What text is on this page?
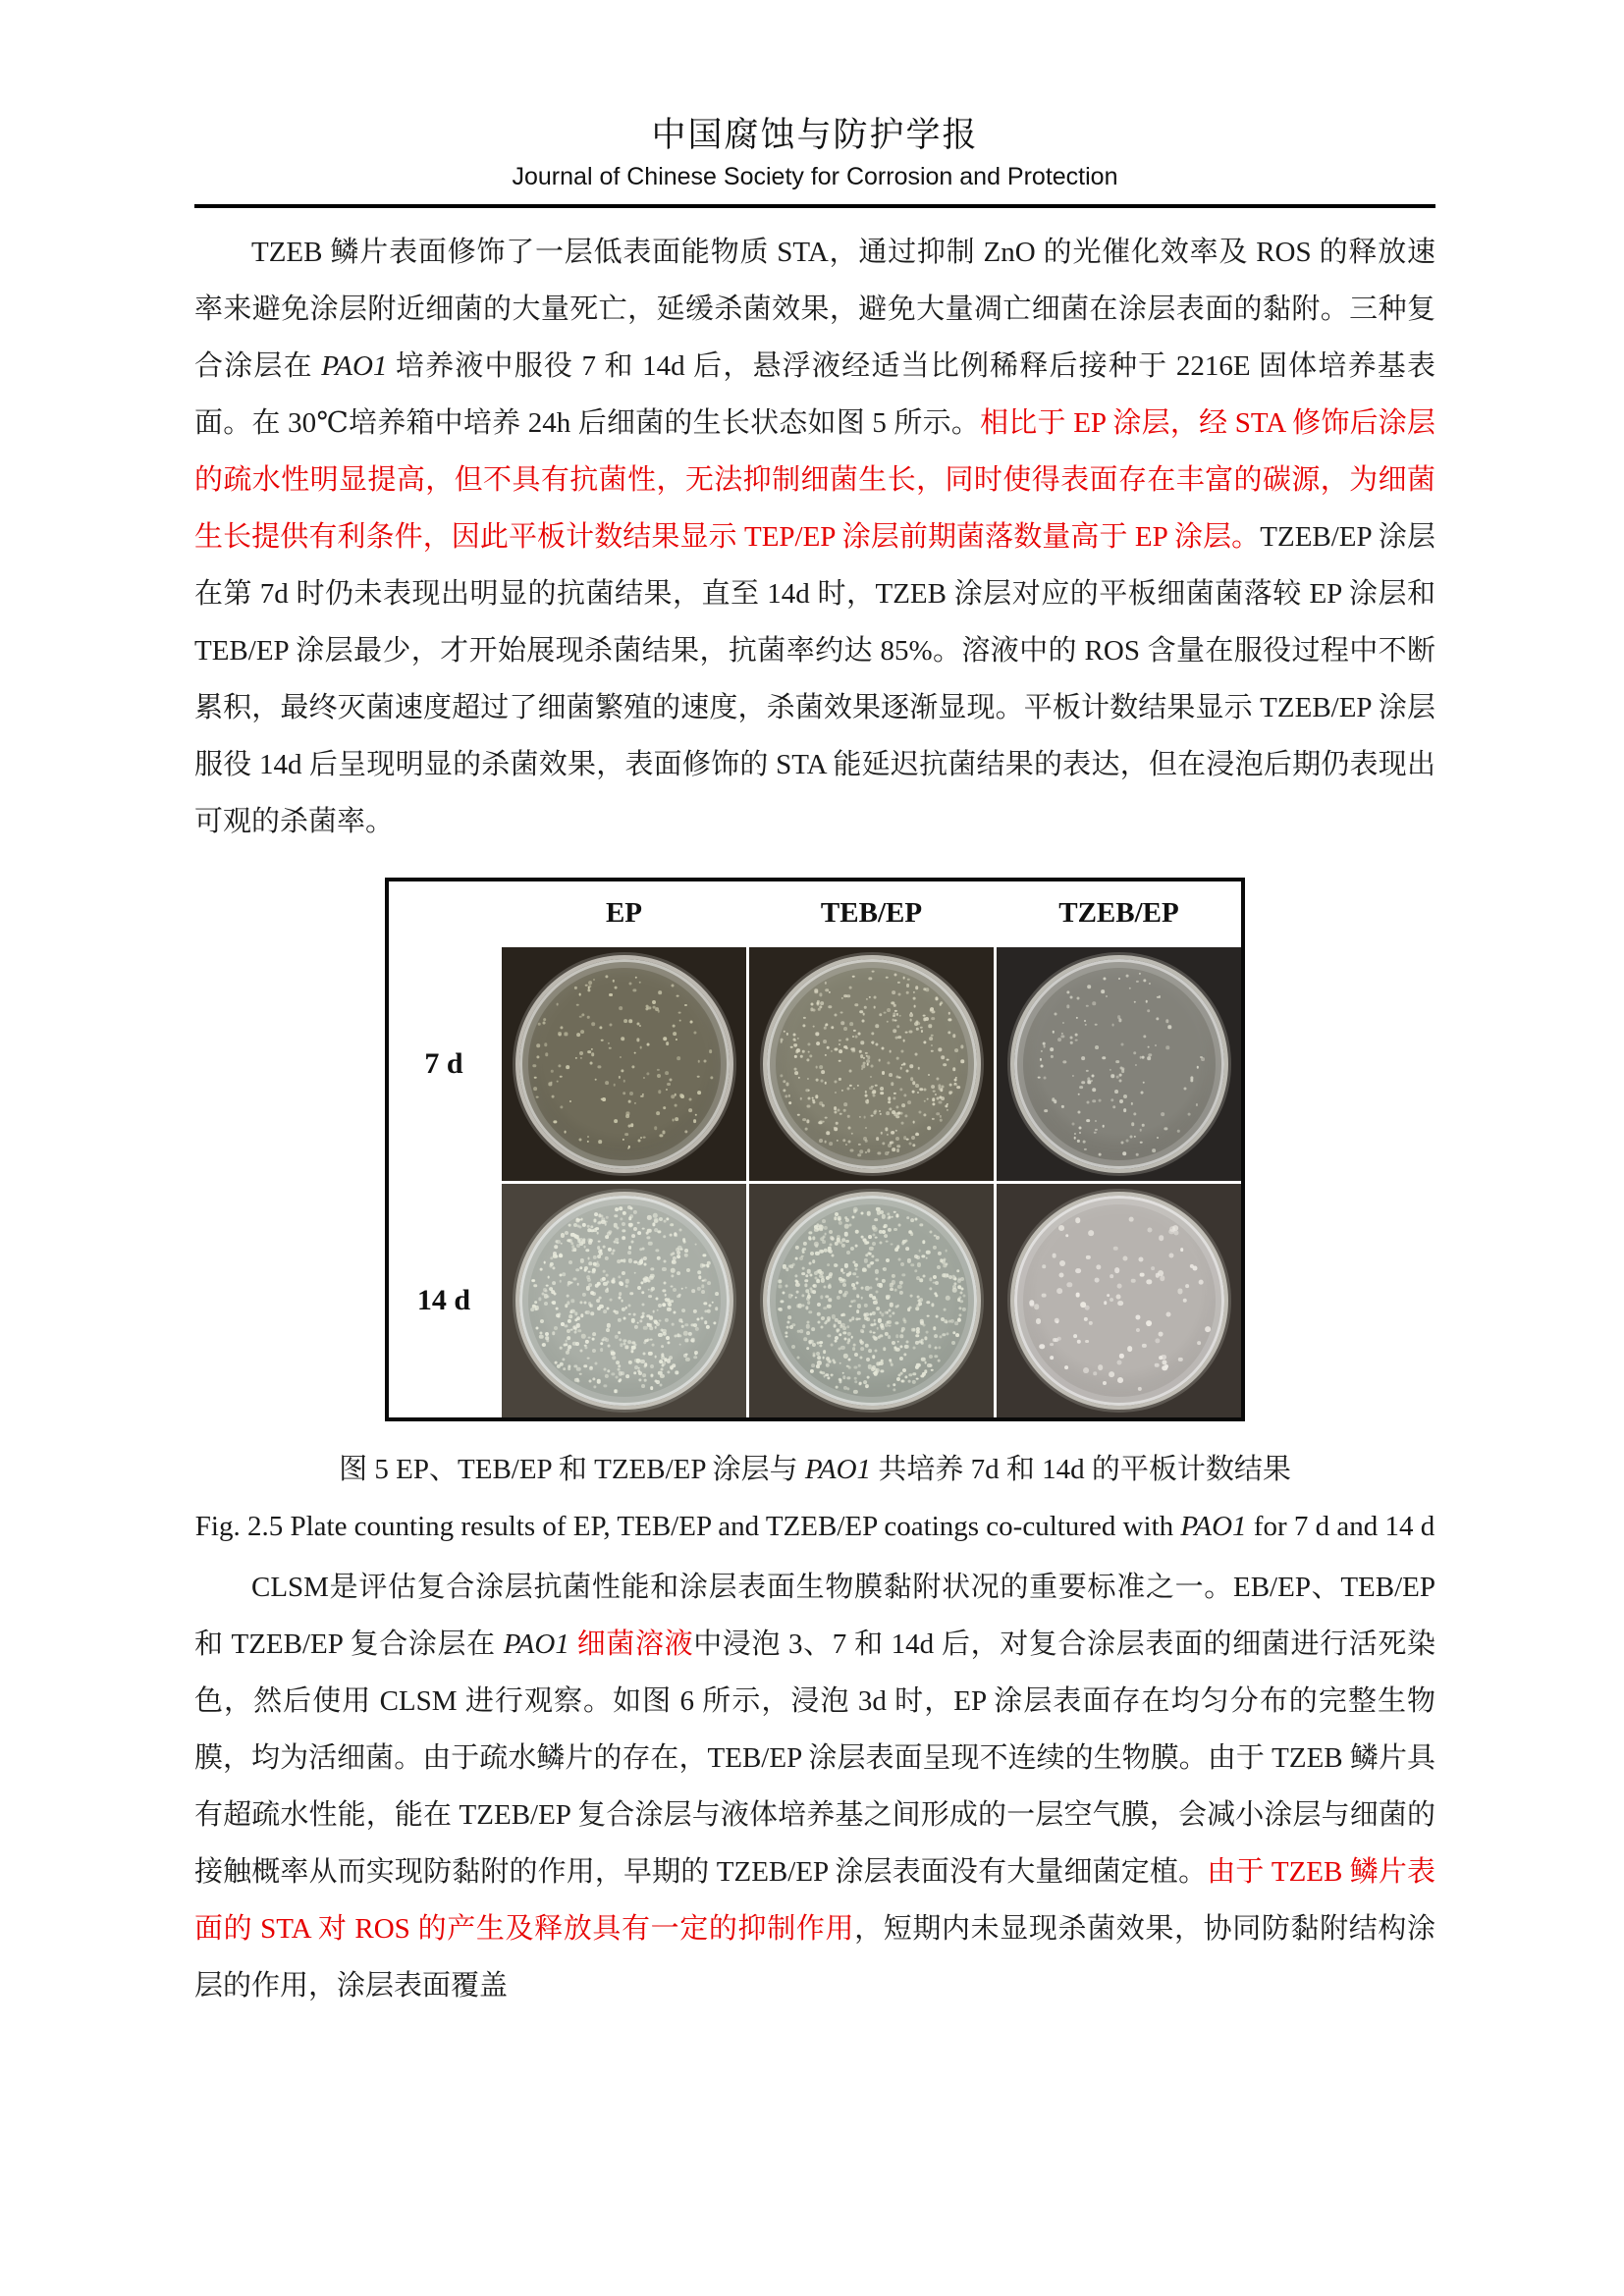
中国腐蚀与防护学报
Journal of Chinese Society for Corrosion and Protection

TZEB 鳞片表面修饰了一层低表面能物质 STA，通过抑制 ZnO 的光催化效率及 ROS 的释放速率来避免涂层附近细菌的大量死亡，延缓杀菌效果，避免大量凋亡细菌在涂层表面的黏附。三种复合涂层在 PAO1 培养液中服役 7 和 14d 后，悬浮液经适当比例稀释后接种于 2216E 固体培养基表面。在 30℃培养箱中培养 24h 后细菌的生长状态如图 5 所示。相比于 EP 涂层，经 STA 修饰后涂层的疏水性明显提高，但不具有抗菌性，无法抑制细菌生长，同时使得表面存在丰富的碳源，为细菌生长提供有利条件，因此平板计数结果显示 TEP/EP 涂层前期菌落数量高于 EP 涂层。TZEB/EP 涂层在第 7d 时仍未表现出明显的抗菌结果，直至 14d 时，TZEB 涂层对应的平板细菌菌落较 EP 涂层和 TEB/EP 涂层最少，才开始展现杀菌结果，抗菌率约达 85%。溶液中的 ROS 含量在服役过程中不断累积，最终灭菌速度超过了细菌繁殖的速度，杀菌效果逐渐显现。平板计数结果显示 TZEB/EP 涂层服役 14d 后呈现明显的杀菌效果，表面修饰的 STA 能延迟抗菌结果的表达，但在浸泡后期仍表现出可观的杀菌率。

EP	TEB/EP	TZEB/EP
7 d
14 d

图 5 EP、TEB/EP 和 TZEB/EP 涂层与 PAO1 共培养 7d 和 14d 的平板计数结果

Fig. 2.5 Plate counting results of EP, TEB/EP and TZEB/EP coatings co-cultured with PAO1 for 7 d and 14 d

CLSM是评估复合涂层抗菌性能和涂层表面生物膜黏附状况的重要标准之一。EB/EP、TEB/EP 和 TZEB/EP 复合涂层在 PAO1 细菌溶液中浸泡 3、7 和 14d 后，对复合涂层表面的细菌进行活死染色，然后使用 CLSM 进行观察。如图 6 所示，浸泡 3d 时，EP 涂层表面存在均匀分布的完整生物膜，均为活细菌。由于疏水鳞片的存在，TEB/EP 涂层表面呈现不连续的生物膜。由于 TZEB 鳞片具有超疏水性能，能在 TZEB/EP 复合涂层与液体培养基之间形成的一层空气膜，会减小涂层与细菌的接触概率从而实现防黏附的作用，早期的 TZEB/EP 涂层表面没有大量细菌定植。由于 TZEB 鳞片表面的 STA 对 ROS 的产生及释放具有一定的抑制作用，短期内未显现杀菌效果，协同防黏附结构涂层的作用，涂层表面覆盖
